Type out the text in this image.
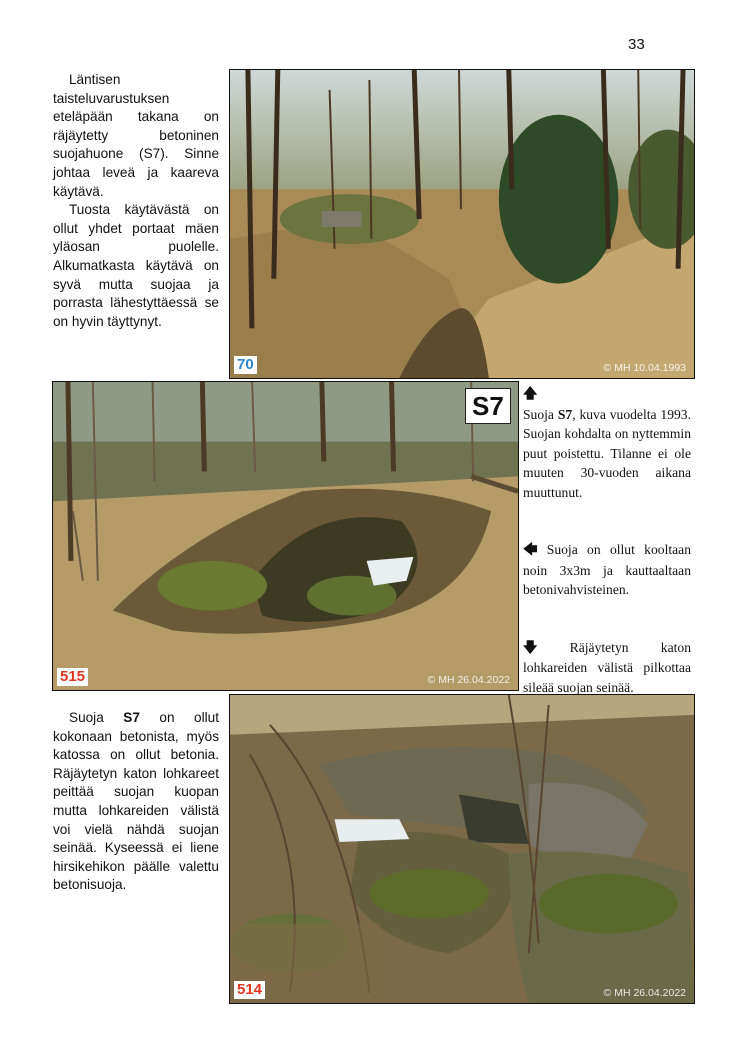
33

Läntisen taisteluvarustuksen eteläpään takana on räjäytetty betoninen suojahuone (S7). Sinne johtaa leveä ja kaareva käytävä.

Tuosta käytävästä on ollut yhdet portaat mäen yläosan puolelle. Alkumatkasta käytävä on syvä mutta suojaa ja porrasta lähestyttäessä se on hyvin täyttynyt.

70	© MH 10.04.1993
S7
515	© MH 26.04.2022

🡅
Suoja S7, kuva vuodelta 1993. Suojan kohdalta on nyttemmin puut poistettu. Tilanne ei ole muuten 30-vuoden aikana muuttunut.

🡄 Suoja on ollut kooltaan noin 3x3m ja kauttaaltaan betonivahvisteinen.

🡇 Räjäytetyn katon lohkareiden välistä pilkottaa sileää suojan seinää.

Suoja S7 on ollut kokonaan betonista, myös katossa on ollut betonia. Räjäytetyn katon lohkareet peittää suojan kuopan mutta lohkareiden välistä voi vielä nähdä suojan seinää. Kyseessä ei liene hirsikehikon päälle valettu betonisuoja.

514	© MH 26.04.2022
